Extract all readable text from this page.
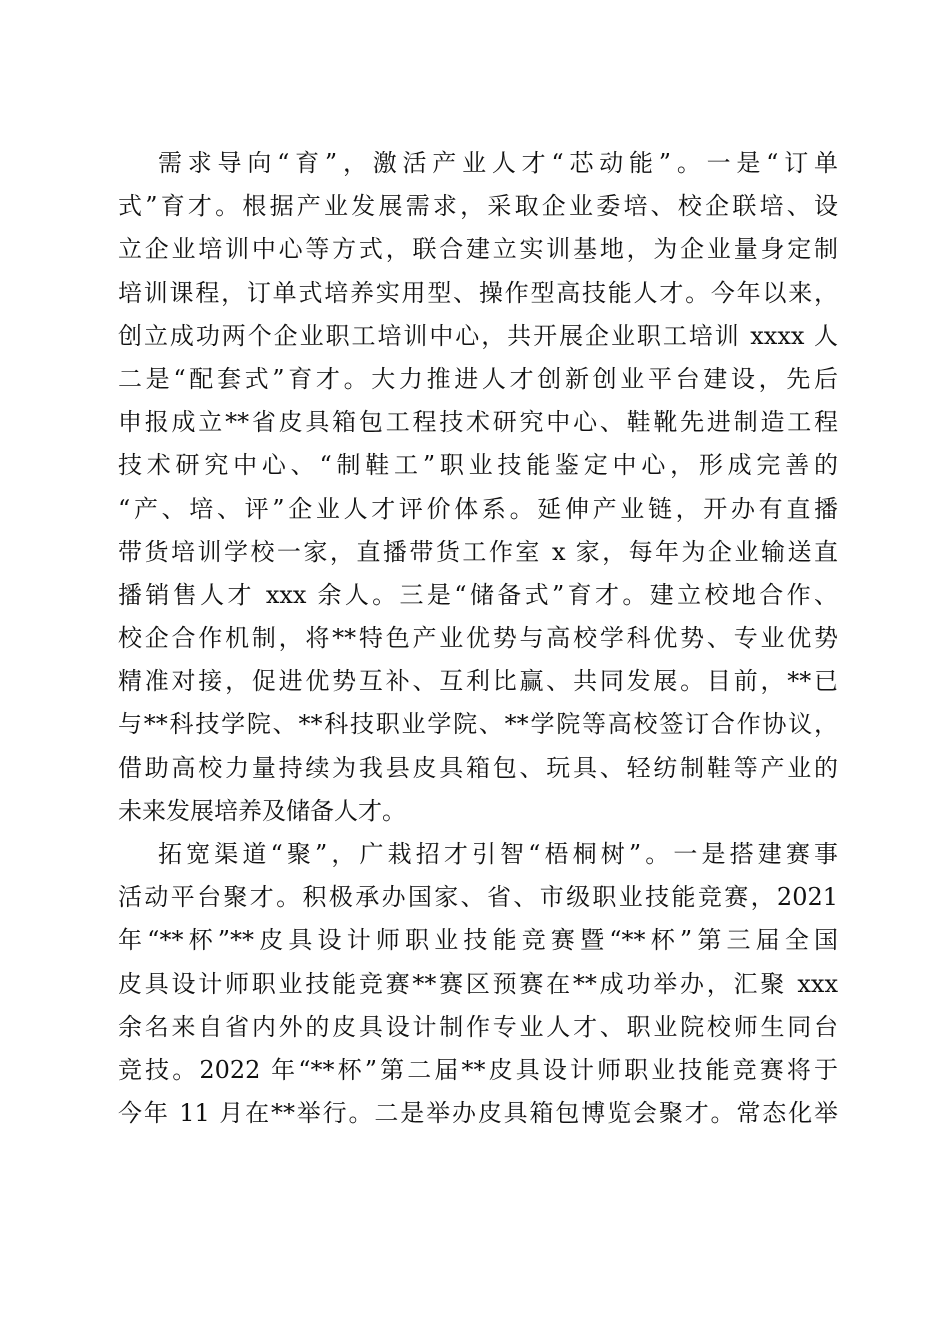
需求导向“育”，激活产业人才“芯动能”。一是“订单
式”育才。根据产业发展需求，采取企业委培、校企联培、设
立企业培训中心等方式，联合建立实训基地，为企业量身定制
培训课程，订单式培养实用型、操作型高技能人才。今年以来，
创立成功两个企业职工培训中心，共开展企业职工培训 xxxx 人
二是“配套式”育才。大力推进人才创新创业平台建设，先后
申报成立**省皮具箱包工程技术研究中心、鞋靴先进制造工程
技术研究中心、“制鞋工”职业技能鉴定中心，形成完善的
“产、培、评”企业人才评价体系。延伸产业链，开办有直播
带货培训学校一家，直播带货工作室 x 家，每年为企业输送直
播销售人才 xxx 余人。三是“储备式”育才。建立校地合作、
校企合作机制，将**特色产业优势与高校学科优势、专业优势
精准对接，促进优势互补、互利比赢、共同发展。目前，**已
与**科技学院、**科技职业学院、**学院等高校签订合作协议，
借助高校力量持续为我县皮具箱包、玩具、轻纺制鞋等产业的
未来发展培养及储备人才。
拓宽渠道“聚”，广栽招才引智“梧桐树”。一是搭建赛事
活动平台聚才。积极承办国家、省、市级职业技能竞赛，2021
年“**杯”**皮具设计师职业技能竞赛暨“**杯”第三届全国
皮具设计师职业技能竞赛**赛区预赛在**成功举办，汇聚 xxx
余名来自省内外的皮具设计制作专业人才、职业院校师生同台
竞技。2022 年“**杯”第二届**皮具设计师职业技能竞赛将于
今年 11 月在**举行。二是举办皮具箱包博览会聚才。常态化举
